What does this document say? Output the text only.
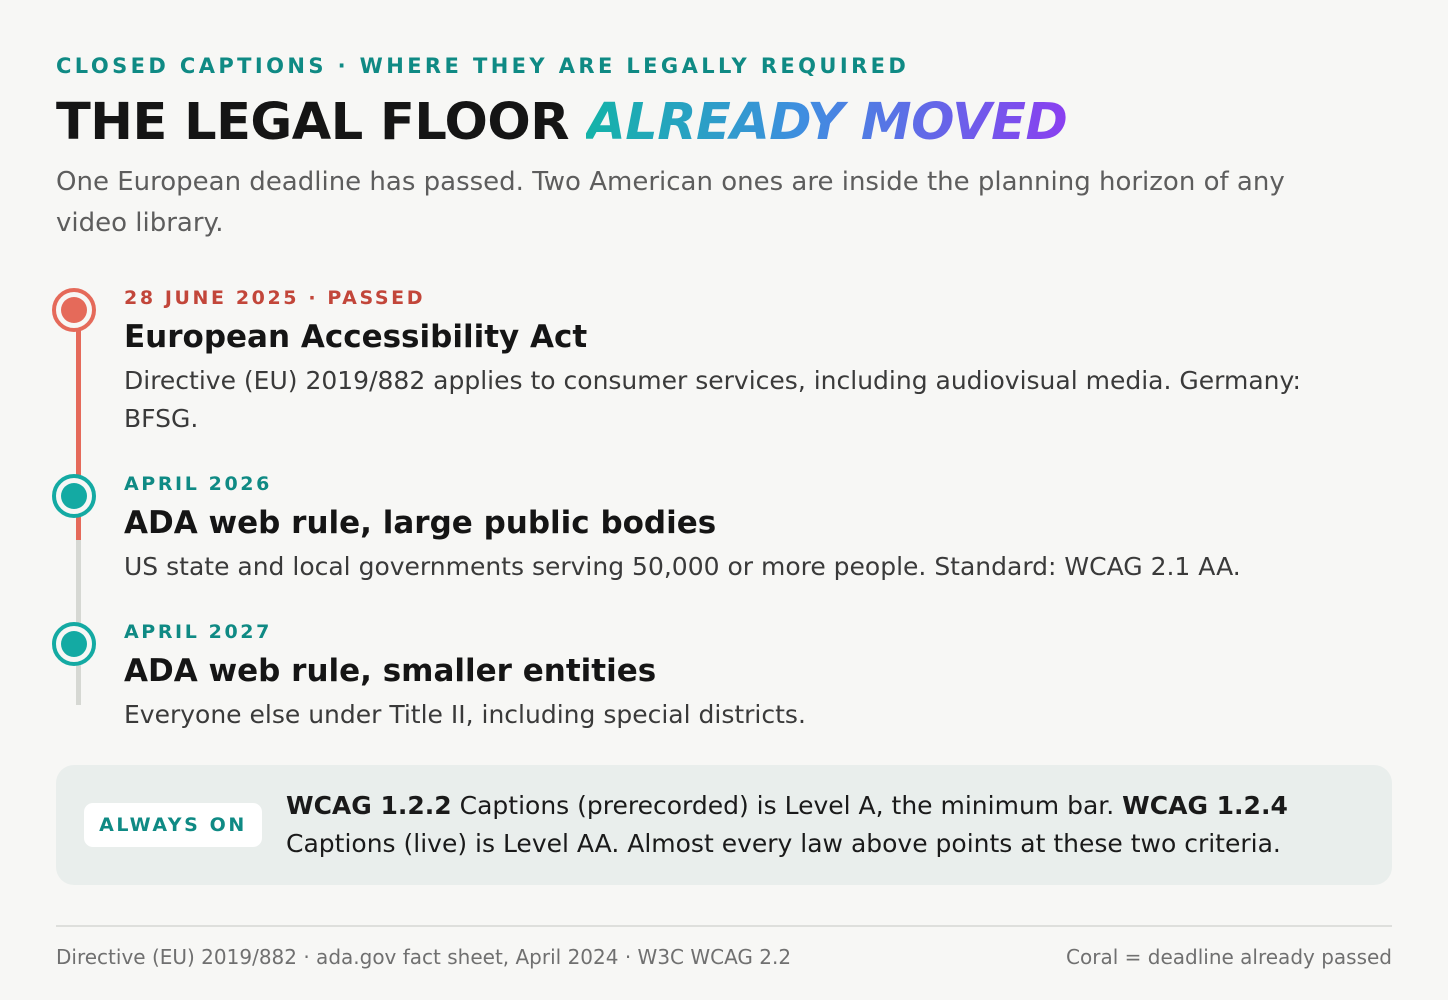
CLOSED CAPTIONS · WHERE THEY ARE LEGALLY REQUIRED
THE LEGAL FLOOR ALREADY MOVED

One European deadline has passed. Two American ones are inside the planning horizon of any video library.

28 JUNE 2025 · PASSED
European Accessibility Act
Directive (EU) 2019/882 applies to consumer services, including audiovisual media. Germany: BFSG.
APRIL 2026
ADA web rule, large public bodies
US state and local governments serving 50,000 or more people. Standard: WCAG 2.1 AA.
APRIL 2027
ADA web rule, smaller entities
Everyone else under Title II, including special districts.
ALWAYS ON
WCAG 1.2.2 Captions (prerecorded) is Level A, the minimum bar. WCAG 1.2.4 Captions (live) is Level AA. Almost every law above points at these two criteria.
Directive (EU) 2019/882 · ada.gov fact sheet, April 2024 · W3C WCAG 2.2	Coral = deadline already passed
